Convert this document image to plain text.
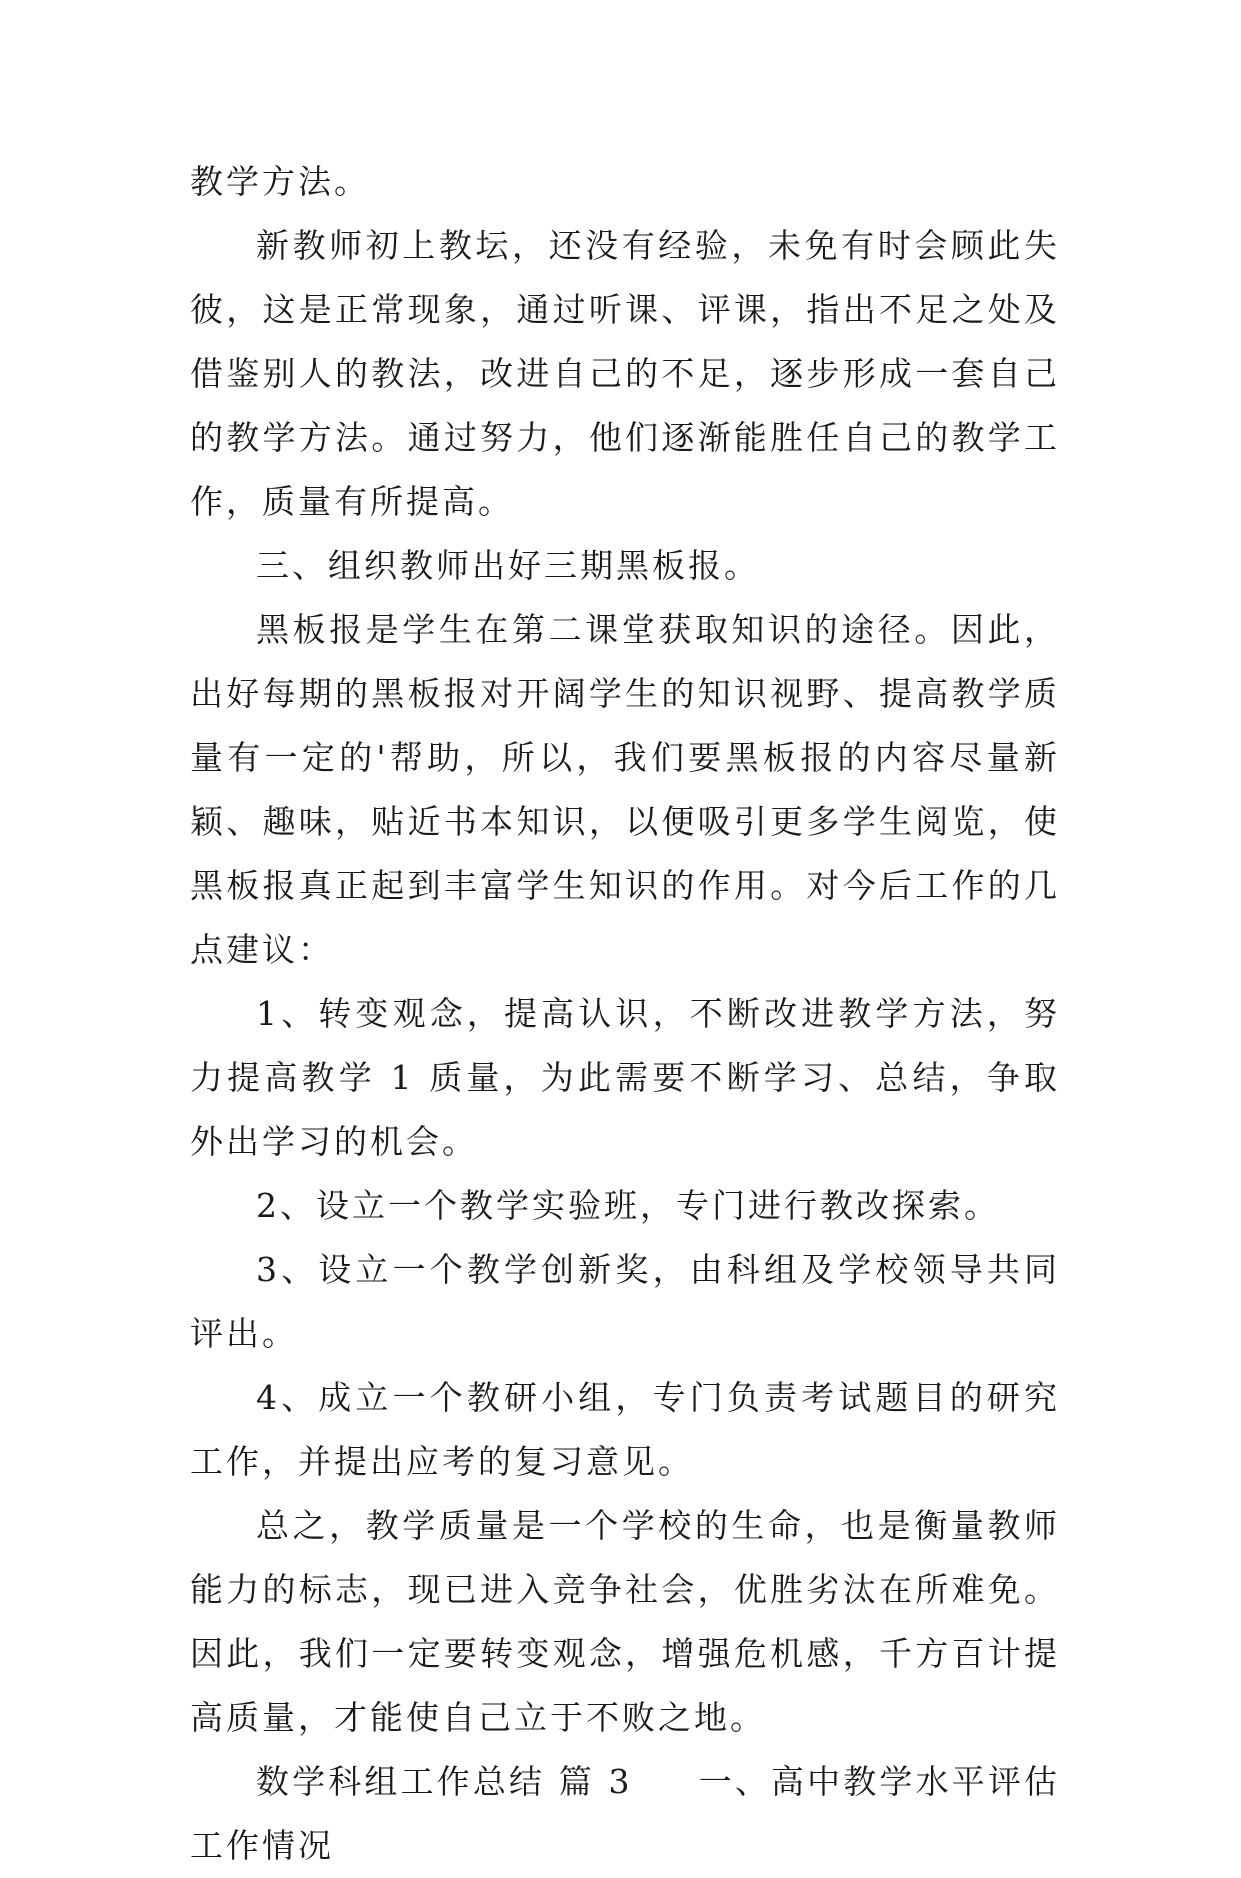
教学方法。

新教师初上教坛，还没有经验，未免有时会顾此失彼，这是正常现象，通过听课、评课，指出不足之处及借鉴别人的教法，改进自己的不足，逐步形成一套自己的教学方法。通过努力，他们逐渐能胜任自己的教学工作，质量有所提高。

三、组织教师出好三期黑板报。

黑板报是学生在第二课堂获取知识的途径。因此，出好每期的黑板报对开阔学生的知识视野、提高教学质量有一定的'帮助，所以，我们要黑板报的内容尽量新颖、趣味，贴近书本知识，以便吸引更多学生阅览，使黑板报真正起到丰富学生知识的作用。对今后工作的几点建议：

1、转变观念，提高认识，不断改进教学方法，努力提高教学 1 质量，为此需要不断学习、总结，争取外出学习的机会。

2、设立一个教学实验班，专门进行教改探索。

3、设立一个教学创新奖，由科组及学校领导共同评出。

4、成立一个教研小组，专门负责考试题目的研究工作，并提出应考的复习意见。

总之，教学质量是一个学校的生命，也是衡量教师能力的标志，现已进入竞争社会，优胜劣汰在所难免。因此，我们一定要转变观念，增强危机感，千方百计提高质量，才能使自己立于不败之地。

数学科组工作总结 篇 3 一、高中教学水平评估工作情况
